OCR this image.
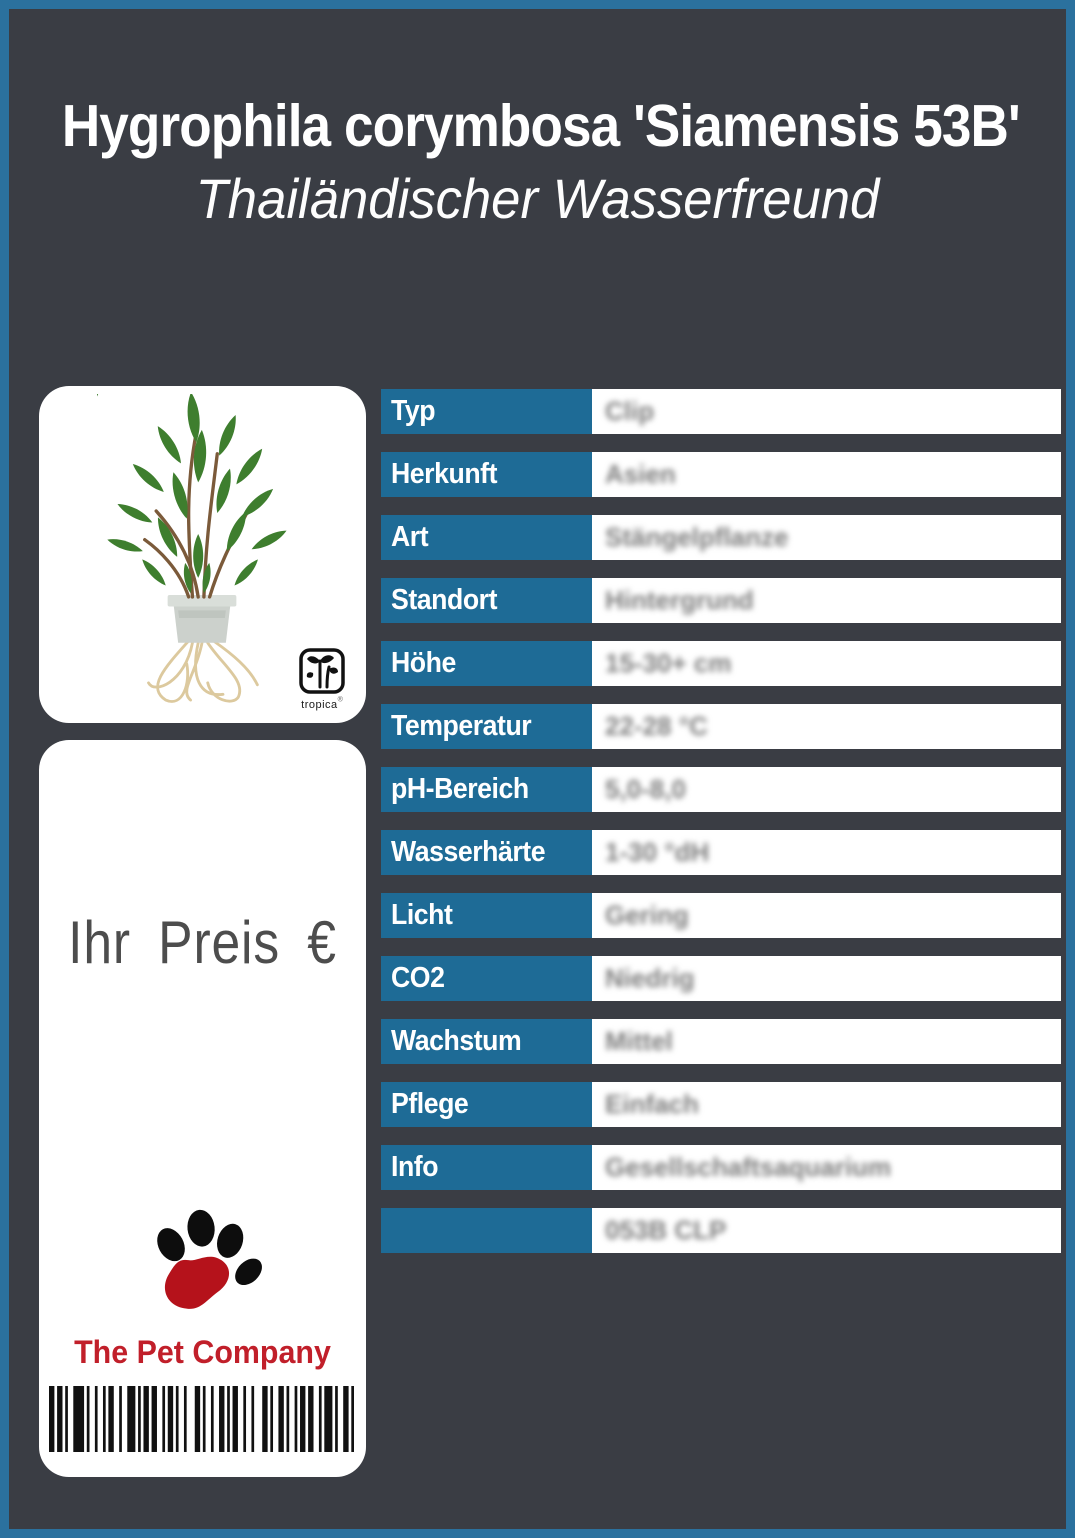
Hygrophila corymbosa 'Siamensis 53B'
Thailändischer Wasserfreund
tropica®
Ihr Preis €
The Pet Company
Typ	Clip
Herkunft	Asien
Art	Stängelpflanze
Standort	Hintergrund
Höhe	15-30+ cm
Temperatur	22-28 °C
pH-Bereich	5,0-8,0
Wasserhärte 1-30 °dH
Licht	Gering
CO2	Niedrig
Wachstum	Mittel
Pflege	Einfach
Info	Gesellschaftsaquarium
053B CLP
